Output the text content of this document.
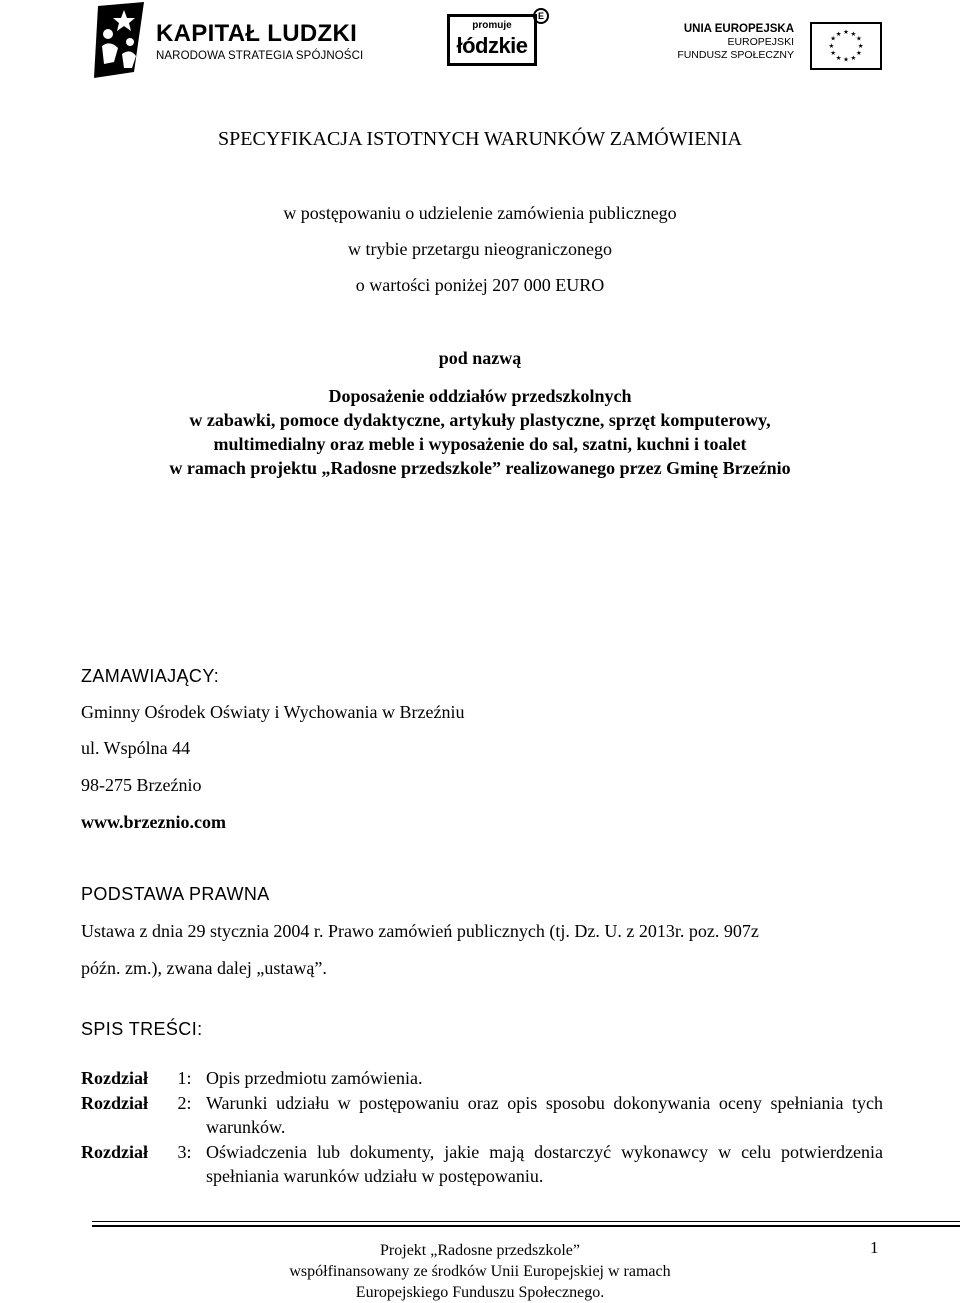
KAPITAŁ LUDZKI
NARODOWA STRATEGIA SPÓJNOŚCI
promuje
łódzkie
E
UNIA EUROPEJSKA
EUROPEJSKI
FUNDUSZ SPOŁECZNY
★ ★
★
★
★
★
★
★
★
★
★
★
SPECYFIKACJA ISTOTNYCH WARUNKÓW ZAMÓWIENIA
w postępowaniu o udzielenie zamówienia publicznego
w trybie przetargu nieograniczonego
o wartości poniżej 207 000 EURO
pod nazwą
Doposażenie oddziałów przedszkolnych
w zabawki, pomoce dydaktyczne, artykuły plastyczne, sprzęt komputerowy,
multimedialny oraz meble i wyposażenie do sal, szatni, kuchni i toalet
w ramach projektu „Radosne przedszkole” realizowanego przez Gminę Brzeźnio
ZAMAWIAJĄCY:
Gminny Ośrodek Oświaty i Wychowania w Brzeźniu
ul. Wspólna 44
98-275 Brzeźnio
www.brzeznio.com
PODSTAWA PRAWNA
Ustawa z dnia 29 stycznia 2004 r. Prawo zamówień publicznych (tj. Dz. U. z 2013r. poz. 907z
późn. zm.), zwana dalej „ustawą”.
SPIS TREŚCI:
Rozdział 1: Opis przedmiotu zamówienia.
Rozdział 2: Warunki udziału w postępowaniu oraz opis sposobu dokonywania oceny spełniania tych warunków.
Rozdział 3: Oświadczenia lub dokumenty, jakie mają dostarczyć wykonawcy w celu potwierdzenia spełniania warunków udziału w postępowaniu.
Projekt „Radosne przedszkole”
współfinansowany ze środków Unii Europejskiej w ramach
Europejskiego Funduszu Społecznego.
1
